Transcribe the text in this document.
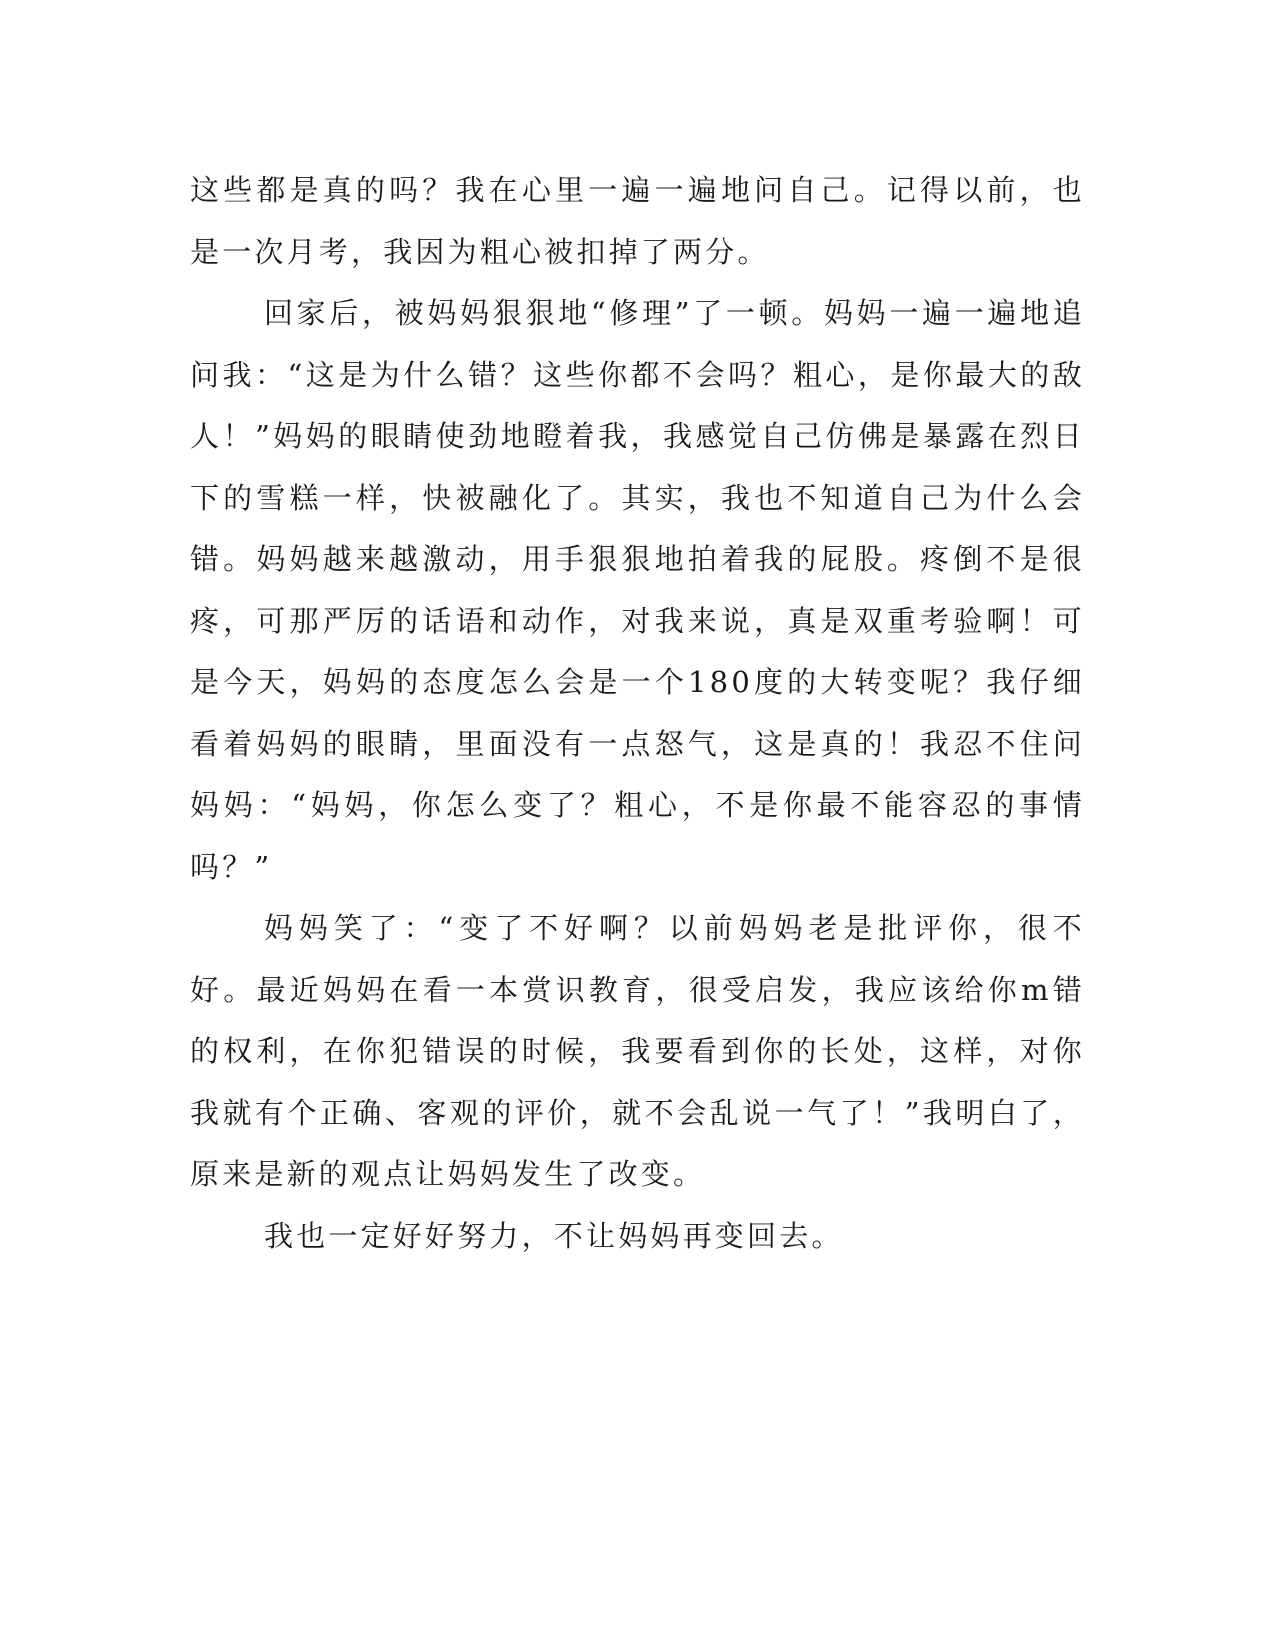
这些都是真的吗？我在心里一遍一遍地问自己。记得以前，也是一次月考，我因为粗心被扣掉了两分。

回家后，被妈妈狠狠地“修理”了一顿。妈妈一遍一遍地追问我：“这是为什么错？这些你都不会吗？粗心，是你最大的敌人！”妈妈的眼睛使劲地瞪着我，我感觉自己仿佛是暴露在烈日下的雪糕一样，快被融化了。其实，我也不知道自己为什么会错。妈妈越来越激动，用手狠狠地拍着我的屁股。疼倒不是很疼，可那严厉的话语和动作，对我来说，真是双重考验啊！可是今天，妈妈的态度怎么会是一个180度的大转变呢？我仔细看着妈妈的眼睛，里面没有一点怒气，这是真的！我忍不住问妈妈：“妈妈，你怎么变了？粗心，不是你最不能容忍的事情吗？”

妈妈笑了：“变了不好啊？以前妈妈老是批评你，很不好。最近妈妈在看一本赏识教育，很受启发，我应该给你m错的权利，在你犯错误的时候，我要看到你的长处，这样，对你我就有个正确、客观的评价，就不会乱说一气了！”我明白了，原来是新的观点让妈妈发生了改变。

我也一定好好努力，不让妈妈再变回去。
